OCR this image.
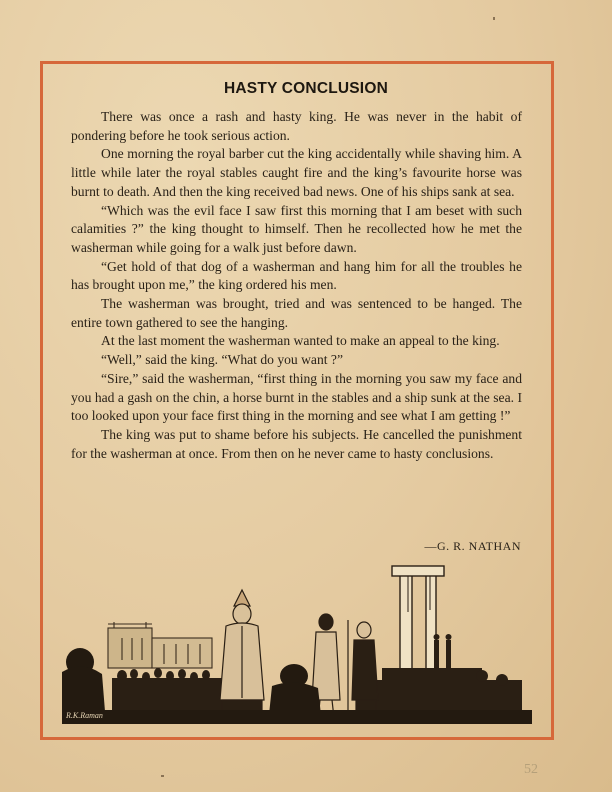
HASTY CONCLUSION

There was once a rash and hasty king. He was never in the habit of pondering before he took serious action.

One morning the royal barber cut the king accidentally while shaving him. A little while later the royal stables caught fire and the king’s favourite horse was burnt to death. And then the king received bad news. One of his ships sank at sea.

“Which was the evil face I saw first this morning that I am beset with such calamities ?” the king thought to himself. Then he recollected how he met the washerman while going for a walk just before dawn.

“Get hold of that dog of a washerman and hang him for all the troubles he has brought upon me,” the king ordered his men.

The washerman was brought, tried and was sentenced to be hanged. The entire town gathered to see the hanging.

At the last moment the washerman wanted to make an appeal to the king.

“Well,” said the king. “What do you want ?”

“Sire,” said the washerman, “first thing in the morning you saw my face and you had a gash on the chin, a horse burnt in the stables and a ship sunk at the sea. I too looked upon your face first thing in the morning and see what I am getting !”

The king was put to shame before his subjects. He cancelled the punishment for the washerman at once. From then on he never came to hasty conclusions.

—G. R. NATHAN
R.K.Raman
52
